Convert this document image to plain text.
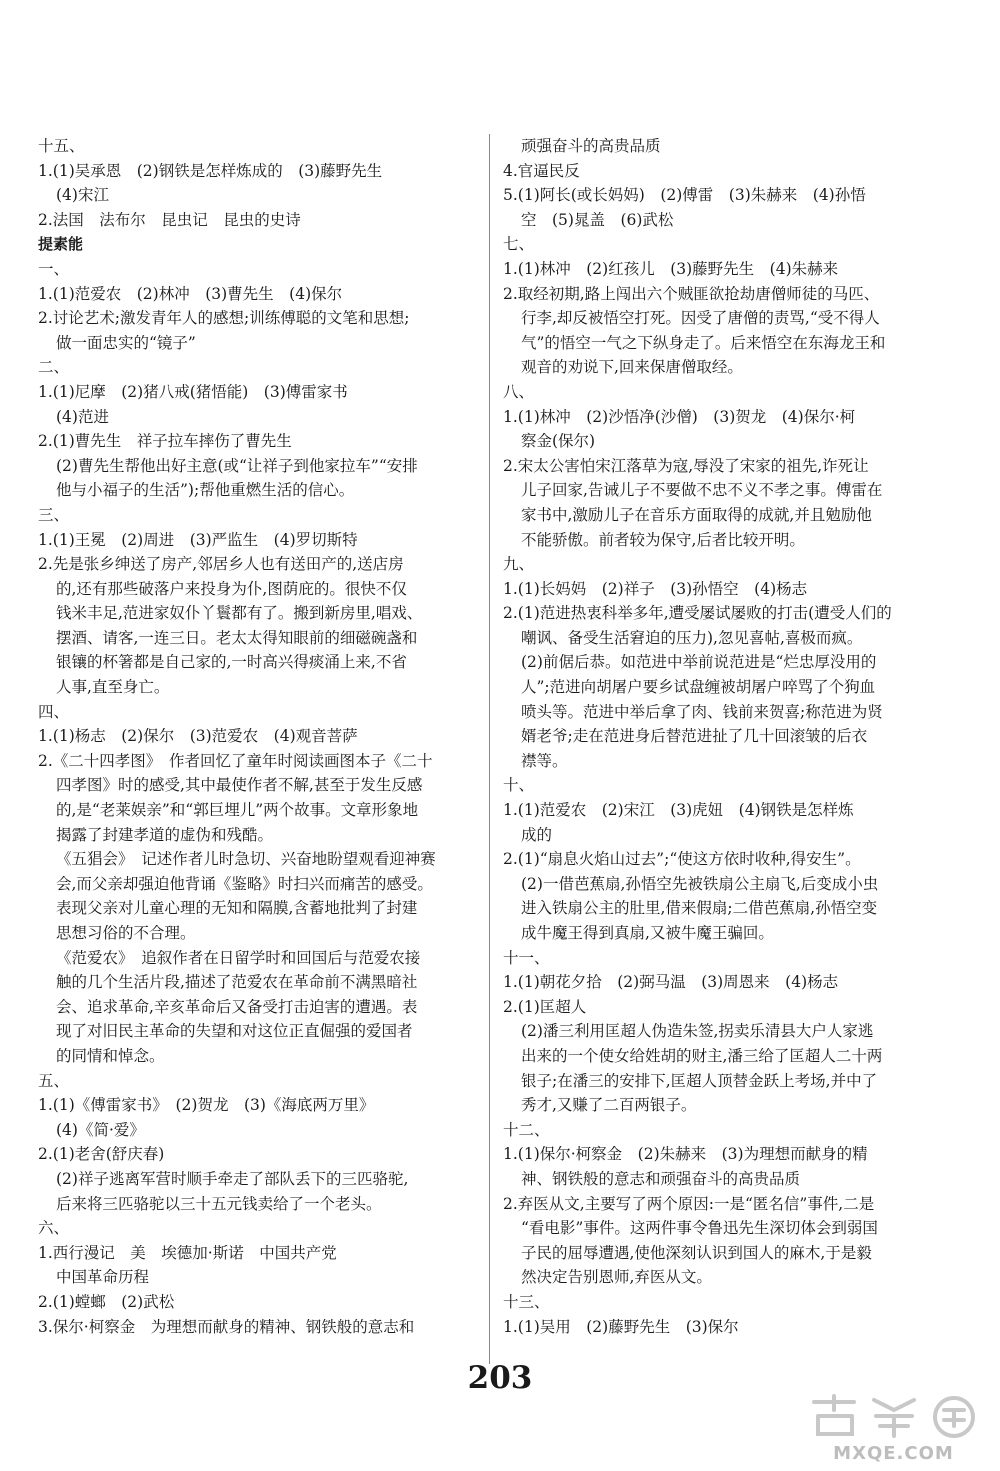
十五、
1.(1)吴承恩　(2)钢铁是怎样炼成的　(3)藤野先生
(4)宋江
2.法国　法布尔　昆虫记　昆虫的史诗
提素能
一、
1.(1)范爱农　(2)林冲　(3)曹先生　(4)保尔
2.讨论艺术;激发青年人的感想;训练傅聪的文笔和思想;
做一面忠实的“镜子”
二、
1.(1)尼摩　(2)猪八戒(猪悟能)　(3)傅雷家书
(4)范进
2.(1)曹先生　祥子拉车摔伤了曹先生
(2)曹先生帮他出好主意(或“让祥子到他家拉车”“安排
他与小福子的生活”);帮他重燃生活的信心。
三、
1.(1)王冕　(2)周进　(3)严监生　(4)罗切斯特
2.先是张乡绅送了房产,邻居乡人也有送田产的,送店房
的,还有那些破落户来投身为仆,图荫庇的。很快不仅
钱米丰足,范进家奴仆丫鬟都有了。搬到新房里,唱戏、
摆酒、请客,一连三日。老太太得知眼前的细磁碗盏和
银镶的杯箸都是自己家的,一时高兴得痰涌上来,不省
人事,直至身亡。
四、
1.(1)杨志　(2)保尔　(3)范爱农　(4)观音菩萨
2.《二十四孝图》　作者回忆了童年时阅读画图本子《二十
四孝图》时的感受,其中最使作者不解,甚至于发生反感
的,是“老莱娱亲”和“郭巨埋儿”两个故事。文章形象地
揭露了封建孝道的虚伪和残酷。
《五猖会》　记述作者儿时急切、兴奋地盼望观看迎神赛
会,而父亲却强迫他背诵《鉴略》时扫兴而痛苦的感受。
表现父亲对儿童心理的无知和隔膜,含蓄地批判了封建
思想习俗的不合理。
《范爱农》　追叙作者在日留学时和回国后与范爱农接
触的几个生活片段,描述了范爱农在革命前不满黑暗社
会、追求革命,辛亥革命后又备受打击迫害的遭遇。表
现了对旧民主革命的失望和对这位正直倔强的爱国者
的同情和悼念。
五、
1.(1)《傅雷家书》　(2)贺龙　(3)《海底两万里》
(4)《简·爱》
2.(1)老舍(舒庆春)
(2)祥子逃离军营时顺手牵走了部队丢下的三匹骆驼,
后来将三匹骆驼以三十五元钱卖给了一个老头。
六、
1.西行漫记　美　埃德加·斯诺　中国共产党
中国革命历程
2.(1)螳螂　(2)武松
3.保尔·柯察金　为理想而献身的精神、钢铁般的意志和
顽强奋斗的高贵品质
4.官逼民反
5.(1)阿长(或长妈妈)　(2)傅雷　(3)朱赫来　(4)孙悟
空　(5)晁盖　(6)武松
七、
1.(1)林冲　(2)红孩儿　(3)藤野先生　(4)朱赫来
2.取经初期,路上闯出六个贼匪欲抢劫唐僧师徒的马匹、
行李,却反被悟空打死。因受了唐僧的责骂,“受不得人
气”的悟空一气之下纵身走了。后来悟空在东海龙王和
观音的劝说下,回来保唐僧取经。
八、
1.(1)林冲　(2)沙悟净(沙僧)　(3)贺龙　(4)保尔·柯
察金(保尔)
2.宋太公害怕宋江落草为寇,辱没了宋家的祖先,诈死让
儿子回家,告诫儿子不要做不忠不义不孝之事。傅雷在
家书中,激励儿子在音乐方面取得的成就,并且勉励他
不能骄傲。前者较为保守,后者比较开明。
九、
1.(1)长妈妈　(2)祥子　(3)孙悟空　(4)杨志
2.(1)范进热衷科举多年,遭受屡试屡败的打击(遭受人们的
嘲讽、备受生活窘迫的压力),忽见喜帖,喜极而疯。
(2)前倨后恭。如范进中举前说范进是“烂忠厚没用的
人”;范进向胡屠户要乡试盘缠被胡屠户啐骂了个狗血
喷头等。范进中举后拿了肉、钱前来贺喜;称范进为贤
婿老爷;走在范进身后替范进扯了几十回滚皱的后衣
襟等。
十、
1.(1)范爱农　(2)宋江　(3)虎妞　(4)钢铁是怎样炼
成的
2.(1)“扇息火焰山过去”;“使这方依时收种,得安生”。
(2)一借芭蕉扇,孙悟空先被铁扇公主扇飞,后变成小虫
进入铁扇公主的肚里,借来假扇;二借芭蕉扇,孙悟空变
成牛魔王得到真扇,又被牛魔王骗回。
十一、
1.(1)朝花夕拾　(2)弼马温　(3)周恩来　(4)杨志
2.(1)匡超人
(2)潘三利用匡超人伪造朱签,拐卖乐清县大户人家逃
出来的一个使女给姓胡的财主,潘三给了匡超人二十两
银子;在潘三的安排下,匡超人顶替金跃上考场,并中了
秀才,又赚了二百两银子。
十二、
1.(1)保尔·柯察金　(2)朱赫来　(3)为理想而献身的精
神、钢铁般的意志和顽强奋斗的高贵品质
2.弃医从文,主要写了两个原因:一是“匿名信”事件,二是
“看电影”事件。这两件事令鲁迅先生深切体会到弱国
子民的屈辱遭遇,使他深刻认识到国人的麻木,于是毅
然决定告别恩师,弃医从文。
十三、
1.(1)吴用　(2)藤野先生　(3)保尔
203
MXQE.COM
